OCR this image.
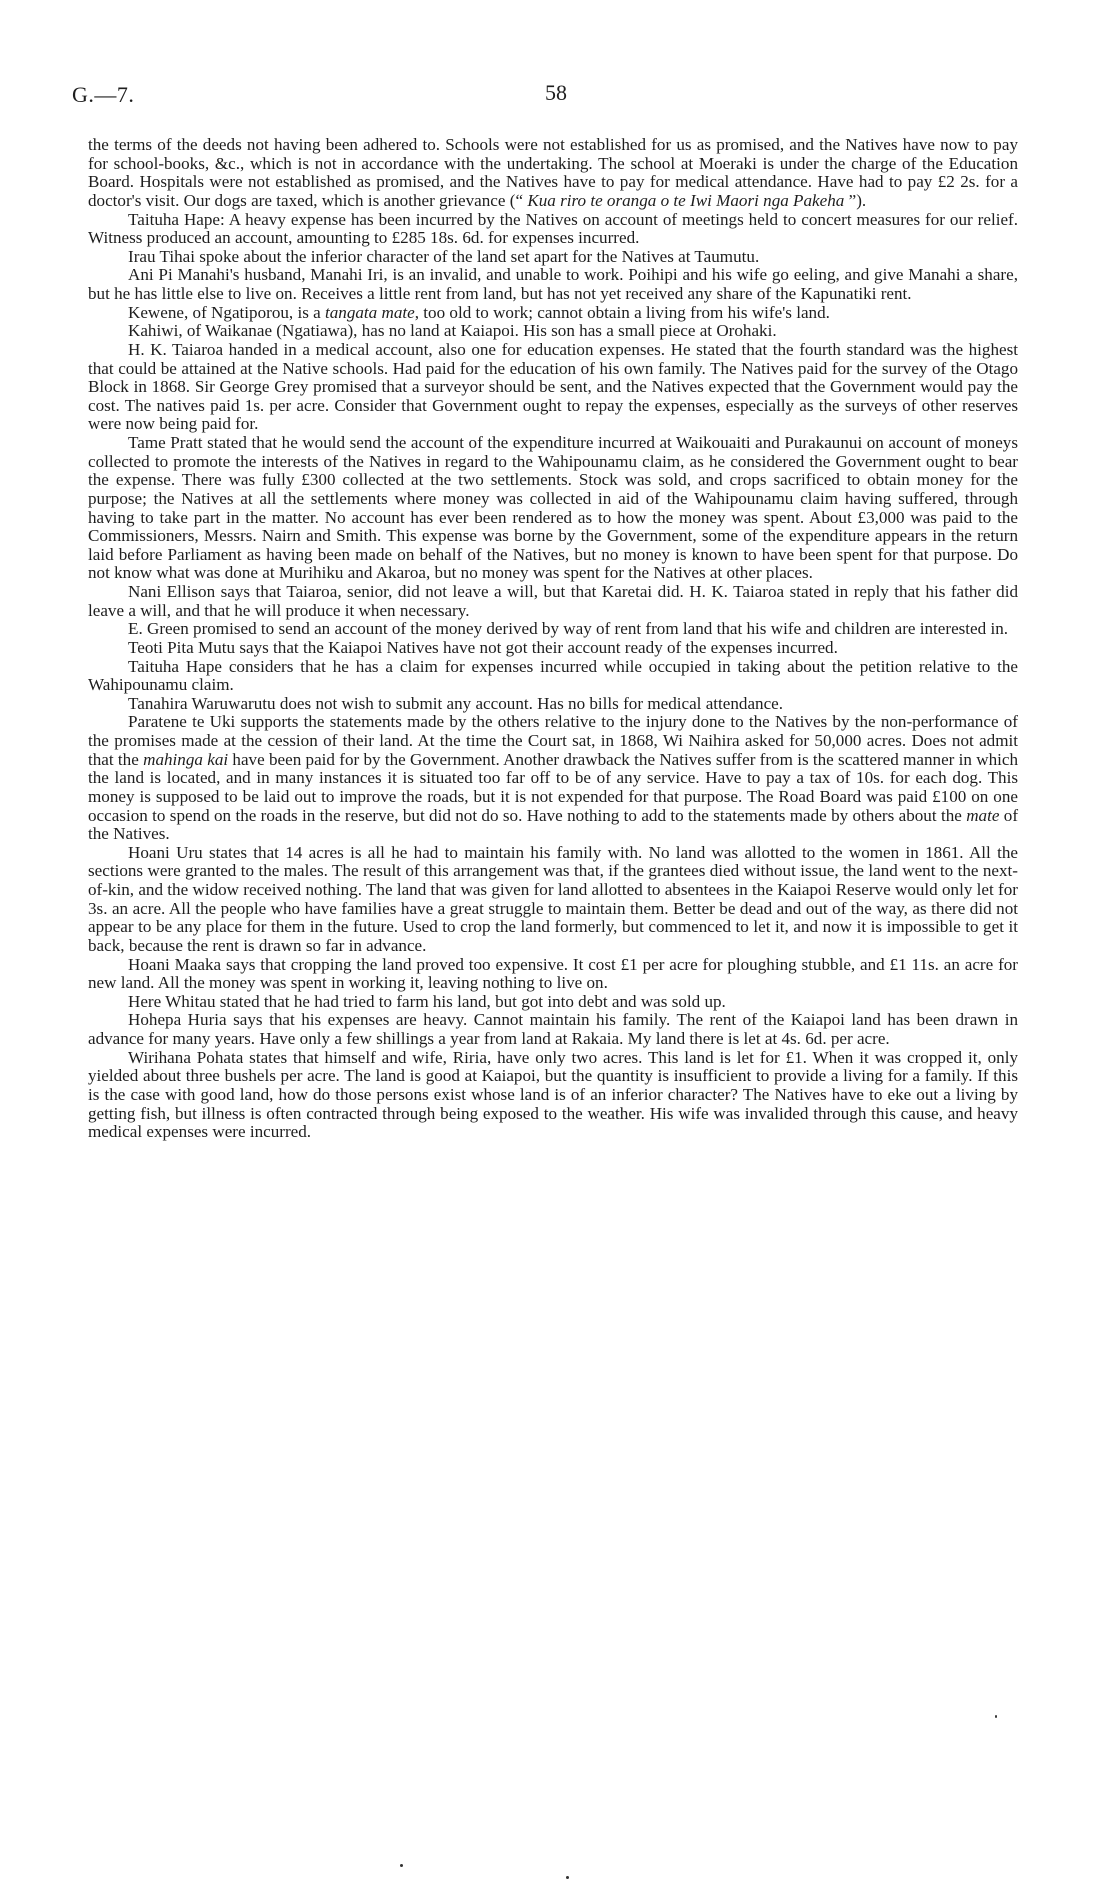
G.—7.	58

the terms of the deeds not having been adhered to. Schools were not established for us as promised, and the Natives have now to pay for school-books, &c., which is not in accordance with the undertaking. The school at Moeraki is under the charge of the Education Board. Hospitals were not established as promised, and the Natives have to pay for medical attendance. Have had to pay £2 2s. for a doctor's visit. Our dogs are taxed, which is another grievance (“ Kua riro te oranga o te Iwi Maori nga Pakeha ”).

Taituha Hape: A heavy expense has been incurred by the Natives on account of meetings held to concert measures for our relief. Witness produced an account, amounting to £285 18s. 6d. for expenses incurred.

Irau Tihai spoke about the inferior character of the land set apart for the Natives at Taumutu.

Ani Pi Manahi's husband, Manahi Iri, is an invalid, and unable to work. Poihipi and his wife go eeling, and give Manahi a share, but he has little else to live on. Receives a little rent from land, but has not yet received any share of the Kapunatiki rent.

Kewene, of Ngatiporou, is a tangata mate, too old to work; cannot obtain a living from his wife's land.

Kahiwi, of Waikanae (Ngatiawa), has no land at Kaiapoi. His son has a small piece at Orohaki.

H. K. Taiaroa handed in a medical account, also one for education expenses. He stated that the fourth standard was the highest that could be attained at the Native schools. Had paid for the education of his own family. The Natives paid for the survey of the Otago Block in 1868. Sir George Grey promised that a surveyor should be sent, and the Natives expected that the Government would pay the cost. The natives paid 1s. per acre. Consider that Government ought to repay the expenses, especially as the surveys of other reserves were now being paid for.

Tame Pratt stated that he would send the account of the expenditure incurred at Waikouaiti and Purakaunui on account of moneys collected to promote the interests of the Natives in regard to the Wahipounamu claim, as he considered the Government ought to bear the expense. There was fully £300 collected at the two settlements. Stock was sold, and crops sacrificed to obtain money for the purpose; the Natives at all the settlements where money was collected in aid of the Wahipounamu claim having suffered, through having to take part in the matter. No account has ever been rendered as to how the money was spent. About £3,000 was paid to the Commissioners, Messrs. Nairn and Smith. This expense was borne by the Government, some of the expenditure appears in the return laid before Parliament as having been made on behalf of the Natives, but no money is known to have been spent for that purpose. Do not know what was done at Murihiku and Akaroa, but no money was spent for the Natives at other places.

Nani Ellison says that Taiaroa, senior, did not leave a will, but that Karetai did. H. K. Taiaroa stated in reply that his father did leave a will, and that he will produce it when necessary.

E. Green promised to send an account of the money derived by way of rent from land that his wife and children are interested in.

Teoti Pita Mutu says that the Kaiapoi Natives have not got their account ready of the expenses incurred.

Taituha Hape considers that he has a claim for expenses incurred while occupied in taking about the petition relative to the Wahipounamu claim.

Tanahira Waruwarutu does not wish to submit any account. Has no bills for medical attendance.

Paratene te Uki supports the statements made by the others relative to the injury done to the Natives by the non-performance of the promises made at the cession of their land. At the time the Court sat, in 1868, Wi Naihira asked for 50,000 acres. Does not admit that the mahinga kai have been paid for by the Government. Another drawback the Natives suffer from is the scattered manner in which the land is located, and in many instances it is situated too far off to be of any service. Have to pay a tax of 10s. for each dog. This money is supposed to be laid out to improve the roads, but it is not expended for that purpose. The Road Board was paid £100 on one occasion to spend on the roads in the reserve, but did not do so. Have nothing to add to the statements made by others about the mate of the Natives.

Hoani Uru states that 14 acres is all he had to maintain his family with. No land was allotted to the women in 1861. All the sections were granted to the males. The result of this arrangement was that, if the grantees died without issue, the land went to the next-of-kin, and the widow received nothing. The land that was given for land allotted to absentees in the Kaiapoi Reserve would only let for 3s. an acre. All the people who have families have a great struggle to maintain them. Better be dead and out of the way, as there did not appear to be any place for them in the future. Used to crop the land formerly, but commenced to let it, and now it is impossible to get it back, because the rent is drawn so far in advance.

Hoani Maaka says that cropping the land proved too expensive. It cost £1 per acre for ploughing stubble, and £1 11s. an acre for new land. All the money was spent in working it, leaving nothing to live on.

Here Whitau stated that he had tried to farm his land, but got into debt and was sold up.

Hohepa Huria says that his expenses are heavy. Cannot maintain his family. The rent of the Kaiapoi land has been drawn in advance for many years. Have only a few shillings a year from land at Rakaia. My land there is let at 4s. 6d. per acre.

Wirihana Pohata states that himself and wife, Riria, have only two acres. This land is let for £1. When it was cropped it, only yielded about three bushels per acre. The land is good at Kaiapoi, but the quantity is insufficient to provide a living for a family. If this is the case with good land, how do those persons exist whose land is of an inferior character? The Natives have to eke out a living by getting fish, but illness is often contracted through being exposed to the weather. His wife was invalided through this cause, and heavy medical expenses were incurred.
